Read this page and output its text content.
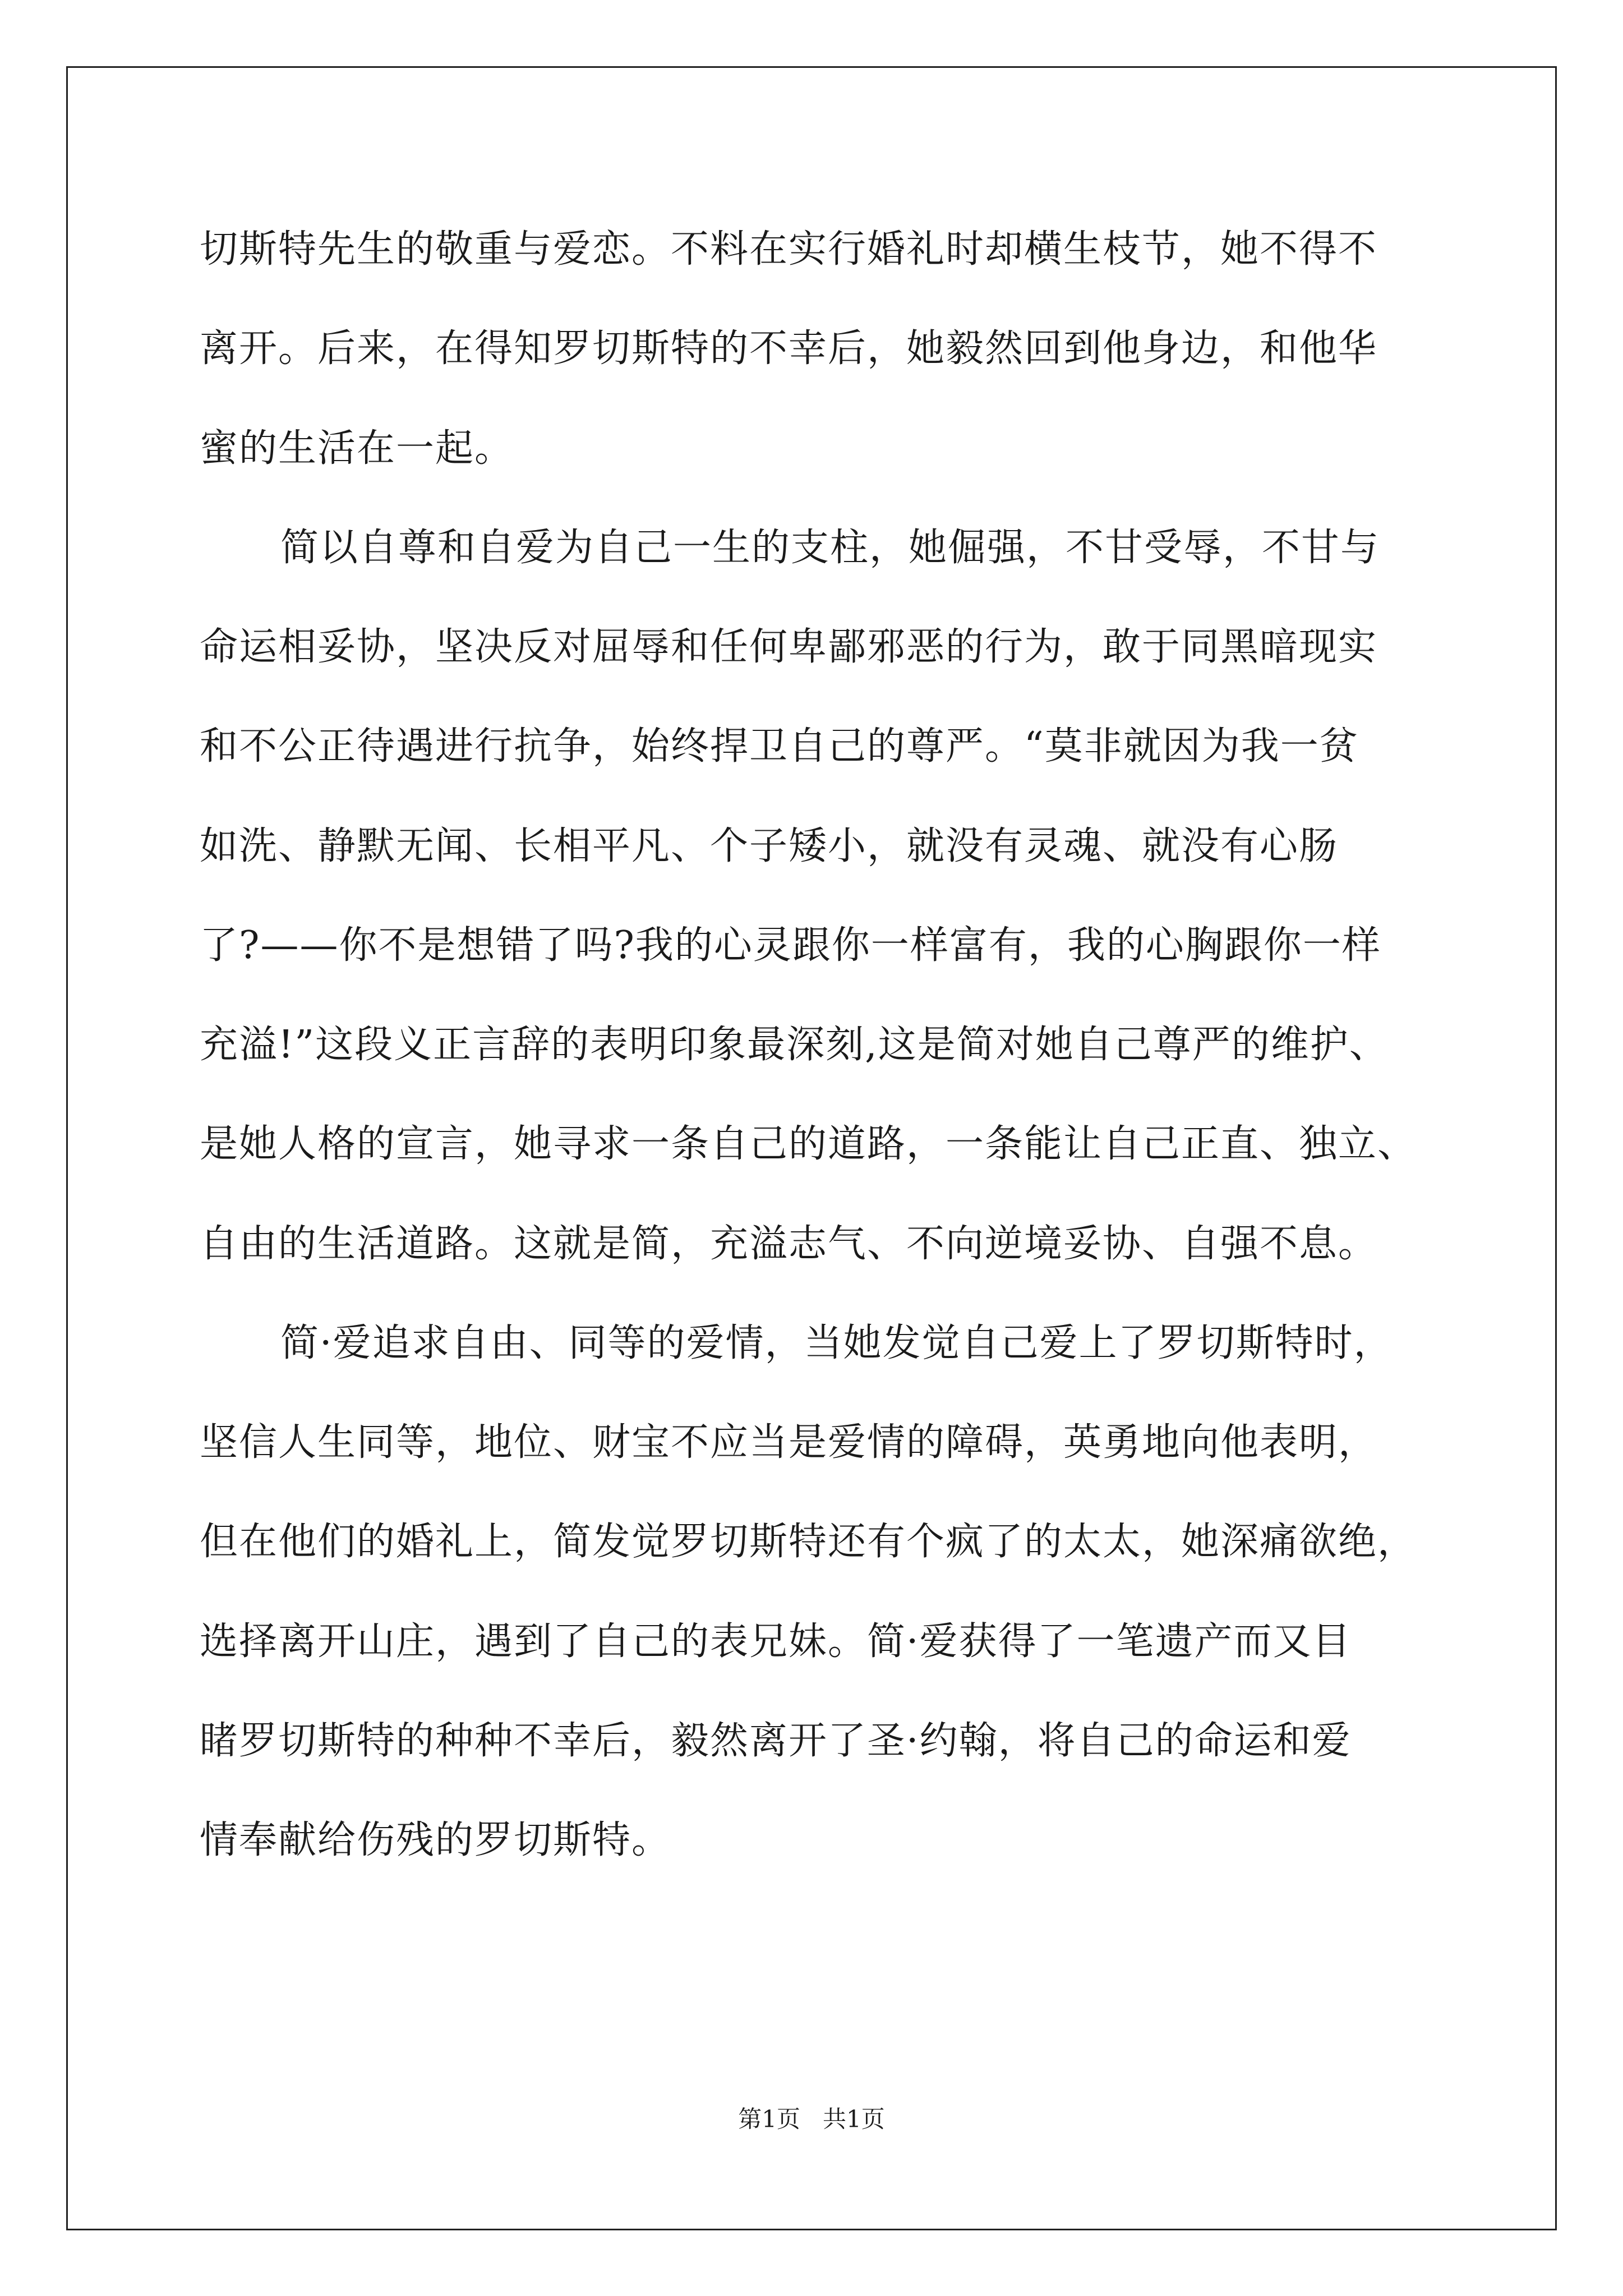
切斯特先生的敬重与爱恋。不料在实行婚礼时却横生枝节，她不得不
离开。后来，在得知罗切斯特的不幸后，她毅然回到他身边，和他华
蜜的生活在一起。
简以自尊和自爱为自己一生的支柱，她倔强，不甘受辱，不甘与
命运相妥协，坚决反对屈辱和任何卑鄙邪恶的行为，敢于同黑暗现实
和不公正待遇进行抗争，始终捍卫自己的尊严。“莫非就因为我一贫
如洗、静默无闻、长相平凡、个子矮小，就没有灵魂、就没有心肠
了?——你不是想错了吗?我的心灵跟你一样富有，我的心胸跟你一样
充溢!”这段义正言辞的表明印象最深刻,这是简对她自己尊严的维护、
是她人格的宣言，她寻求一条自己的道路，一条能让自己正直、独立、
自由的生活道路。这就是简，充溢志气、不向逆境妥协、自强不息。
简·爱追求自由、同等的爱情，当她发觉自己爱上了罗切斯特时，
坚信人生同等，地位、财宝不应当是爱情的障碍，英勇地向他表明，
但在他们的婚礼上，简发觉罗切斯特还有个疯了的太太，她深痛欲绝，
选择离开山庄，遇到了自己的表兄妹。简·爱获得了一笔遗产而又目
睹罗切斯特的种种不幸后，毅然离开了圣·约翰，将自己的命运和爱
情奉献给伤残的罗切斯特。
第1页   共1页
